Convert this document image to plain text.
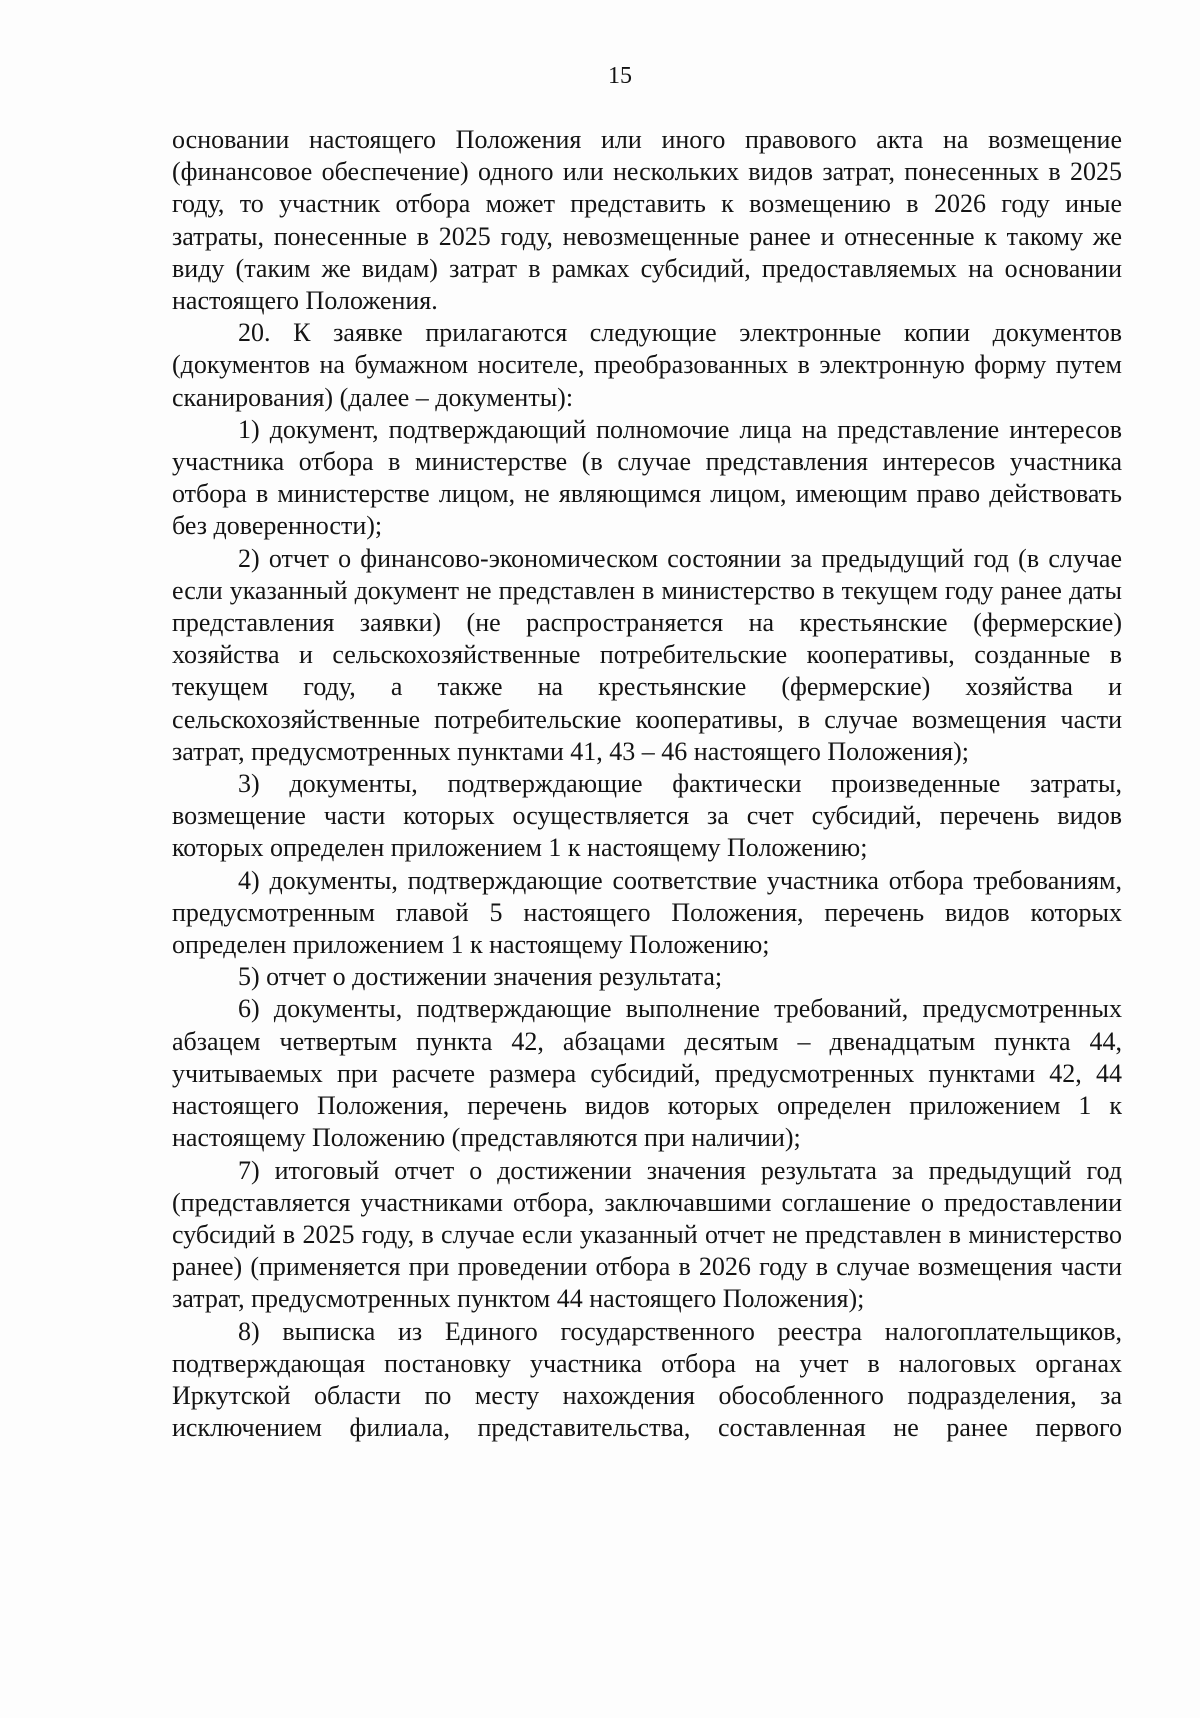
15

основании настоящего Положения или иного правового акта на возмещение (финансовое обеспечение) одного или нескольких видов затрат, понесенных в 2025 году, то участник отбора может представить к возмещению в 2026 году иные затраты, понесенные в 2025 году, невозмещенные ранее и отнесенные к такому же виду (таким же видам) затрат в рамках субсидий, предоставляемых на основании настоящего Положения.

20. К заявке прилагаются следующие электронные копии документов (документов на бумажном носителе, преобразованных в электронную форму путем сканирования) (далее – документы):

1) документ, подтверждающий полномочие лица на представление интересов участника отбора в министерстве (в случае представления интересов участника отбора в министерстве лицом, не являющимся лицом, имеющим право действовать без доверенности);

2) отчет о финансово-экономическом состоянии за предыдущий год (в случае если указанный документ не представлен в министерство в текущем году ранее даты представления заявки) (не распространяется на крестьянские (фермерские) хозяйства и сельскохозяйственные потребительские кооперативы, созданные в текущем году, а также на крестьянские (фермерские) хозяйства и сельскохозяйственные потребительские кооперативы, в случае возмещения части затрат, предусмотренных пунктами 41, 43 – 46 настоящего Положения);

3) документы, подтверждающие фактически произведенные затраты, возмещение части которых осуществляется за счет субсидий, перечень видов которых определен приложением 1 к настоящему Положению;

4) документы, подтверждающие соответствие участника отбора требованиям, предусмотренным главой 5 настоящего Положения, перечень видов которых определен приложением 1 к настоящему Положению;

5) отчет о достижении значения результата;

6) документы, подтверждающие выполнение требований, предусмотренных абзацем четвертым пункта 42, абзацами десятым – двенадцатым пункта 44, учитываемых при расчете размера субсидий, предусмотренных пунктами 42, 44 настоящего Положения, перечень видов которых определен приложением 1 к настоящему Положению (представляются при наличии);

7) итоговый отчет о достижении значения результата за предыдущий год (представляется участниками отбора, заключавшими соглашение о предоставлении субсидий в 2025 году, в случае если указанный отчет не представлен в министерство ранее) (применяется при проведении отбора в 2026 году в случае возмещения части затрат, предусмотренных пунктом 44 настоящего Положения);

8) выписка из Единого государственного реестра налогоплательщиков, подтверждающая постановку участника отбора на учет в налоговых органах Иркутской области по месту нахождения обособленного подразделения, за исключением филиала, представительства, составленная не ранее первого
